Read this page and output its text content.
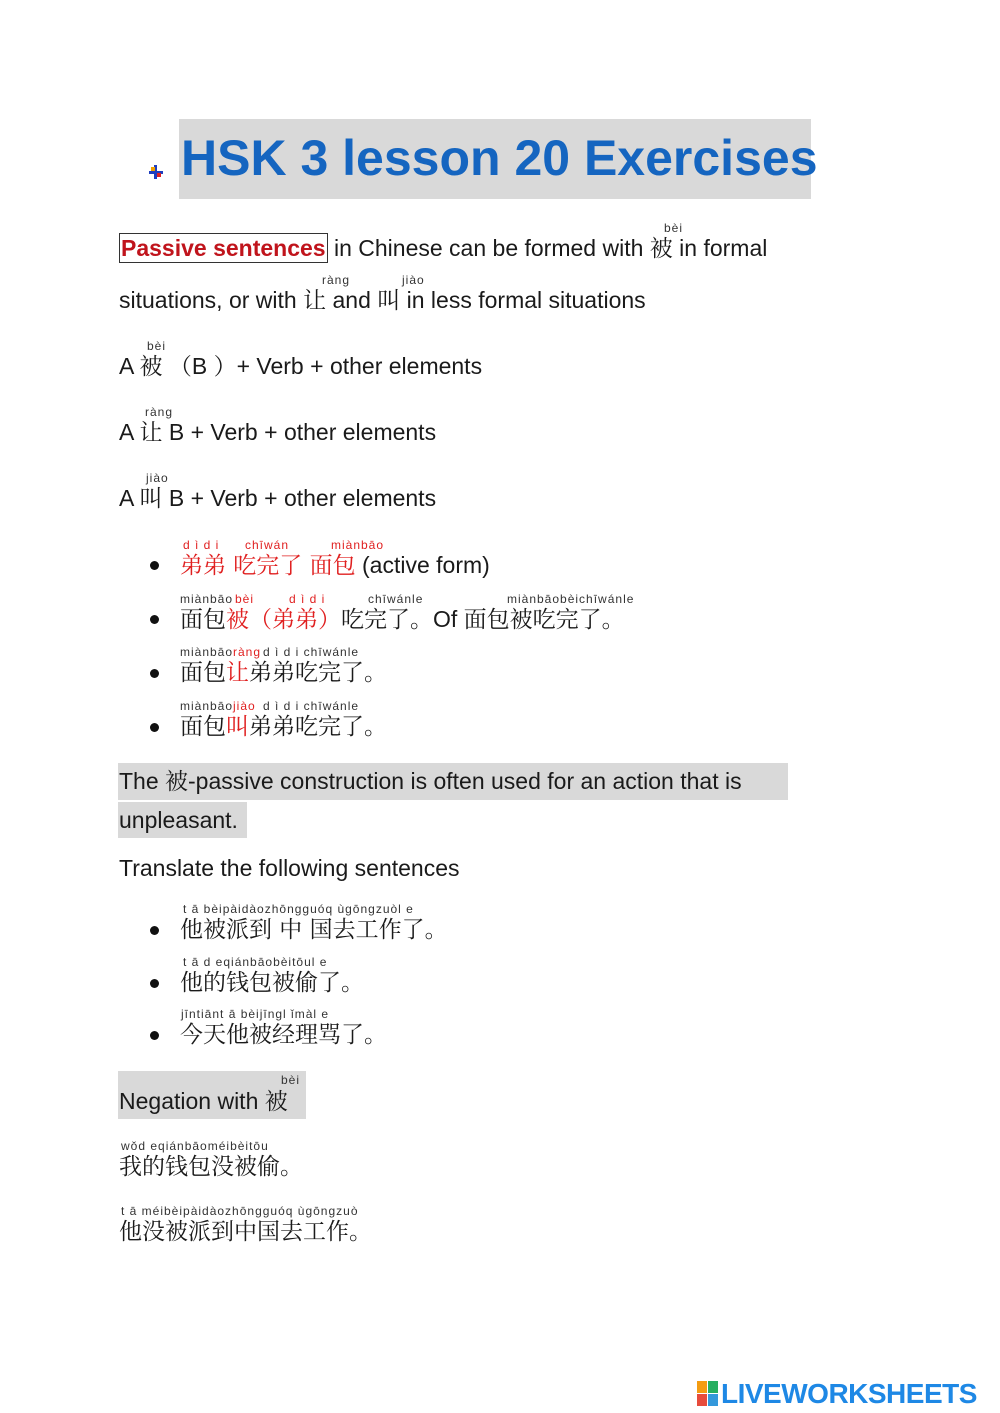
HSK 3 lesson 20 Exercises
bèi
Passive sentences in Chinese can be formed with 被 in formal
ràng	jiào
situations, or with 让 and 叫 in less formal situations
bèi
A 被 （B ）+ Verb + other elements
ràng
A 让 B + Verb + other elements
jiào
A 叫 B + Verb + other elements
d ì d i chīwán	miànbāo
弟弟 吃完了 面包 (active form)
miànbāo bèi	d ì d i	chīwánle	miànbāobèichīwánle
面包被（弟弟）吃完了。Of 面包被吃完了。
miànbāo ràng d ì d i chīwánle
面包让弟弟吃完了。
miànbāo jiào d ì d i chīwánle
面包叫弟弟吃完了。
The 被-passive construction is often used for an action that is
unpleasant.
Translate the following sentences
t ā bèipàidàozhōngguóq ùgōngzuòl e
他被派到 中 国去工作了。
t ā d eqiánbāobèitōul e
他的钱包被偷了。
jīntiānt ā bèijīngl ǐmàl e
今天他被经理骂了。
bèi
Negation with 被
wǒd eqiánbāoméibèitōu
我的钱包没被偷。
t ā méibèipàidàozhōngguóq ùgōngzuò
他没被派到中国去工作。
LIVEWORKSHEETS
